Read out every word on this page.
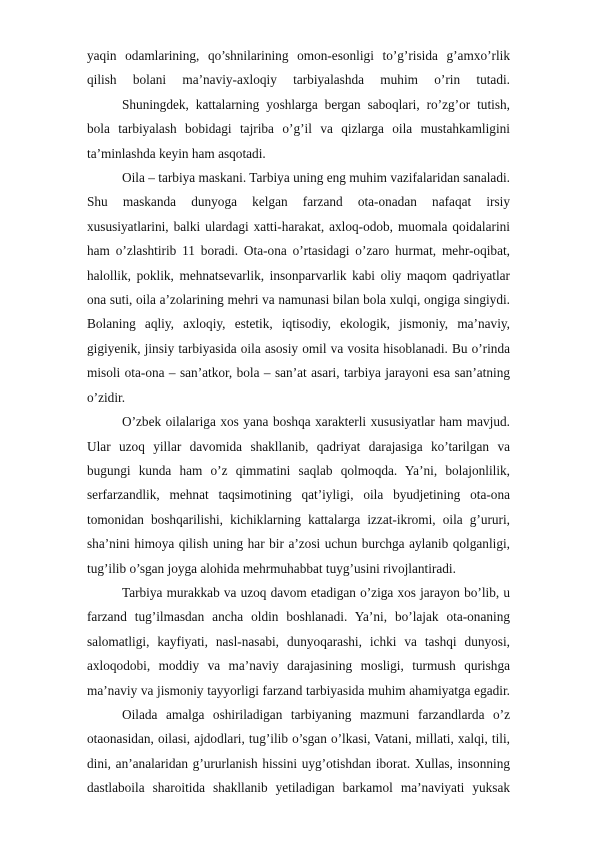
yaqin odamlarining, qo’shnilarining omon-esonligi to’g’risida g’amxo’rlik qilish bolani ma’naviy-axloqiy tarbiyalashda muhim o’rin tutadi.

Shuningdek, kattalarning yoshlarga bergan saboqlari, ro’zg’or tutish, bola tarbiyalash bobidagi tajriba o’g’il va qizlarga oila mustahkamligini ta’minlashda keyin ham asqotadi.

Oila – tarbiya maskani. Tarbiya uning eng muhim vazifalaridan sanaladi. Shu maskanda dunyoga kelgan farzand ota-onadan nafaqat irsiy xususiyatlarini, balki ulardagi xatti-harakat, axloq-odob, muomala qoidalarini ham o’zlashtirib 11 boradi. Ota-ona o’rtasidagi o’zaro hurmat, mehr-oqibat, halollik, poklik, mehnatsevarlik, insonparvarlik kabi oliy maqom qadriyatlar ona suti, oila a’zolarining mehri va namunasi bilan bola xulqi, ongiga singiydi. Bolaning aqliy, axloqiy, estetik, iqtisodiy, ekologik, jismoniy, ma’naviy, gigiyenik, jinsiy tarbiyasida oila asosiy omil va vosita hisoblanadi. Bu o’rinda misoli ota-ona – san’atkor, bola – san’at asari, tarbiya jarayoni esa san’atning o’zidir.

O’zbek oilalariga xos yana boshqa xarakterli xususiyatlar ham mavjud. Ular uzoq yillar davomida shakllanib, qadriyat darajasiga ko’tarilgan va bugungi kunda ham o’z qimmatini saqlab qolmoqda. Ya’ni, bolajonlilik, serfarzandlik, mehnat taqsimotining qat’iyligi, oila byudjetining ota-ona tomonidan boshqarilishi, kichiklarning kattalarga izzat-ikromi, oila g’ururi, sha’nini himoya qilish uning har bir a’zosi uchun burchga aylanib qolganligi, tug’ilib o’sgan joyga alohida mehrmuhabbat tuyg’usini rivojlantiradi.

Tarbiya murakkab va uzoq davom etadigan o’ziga xos jarayon bo’lib, u farzand tug’ilmasdan ancha oldin boshlanadi. Ya’ni, bo’lajak ota-onaning salomatligi, kayfiyati, nasl-nasabi, dunyoqarashi, ichki va tashqi dunyosi, axloqodobi, moddiy va ma’naviy darajasining mosligi, turmush qurishga ma’naviy va jismoniy tayyorligi farzand tarbiyasida muhim ahamiyatga egadir.

Oilada amalga oshiriladigan tarbiyaning mazmuni farzandlarda o’z otaonasidan, oilasi, ajdodlari, tug’ilib o’sgan o’lkasi, Vatani, millati, xalqi, tili, dini, an’analaridan g’ururlanish hissini uyg’otishdan iborat. Xullas, insonning dastlaboila sharoitida shakllanib yetiladigan barkamol ma’naviyati yuksak
